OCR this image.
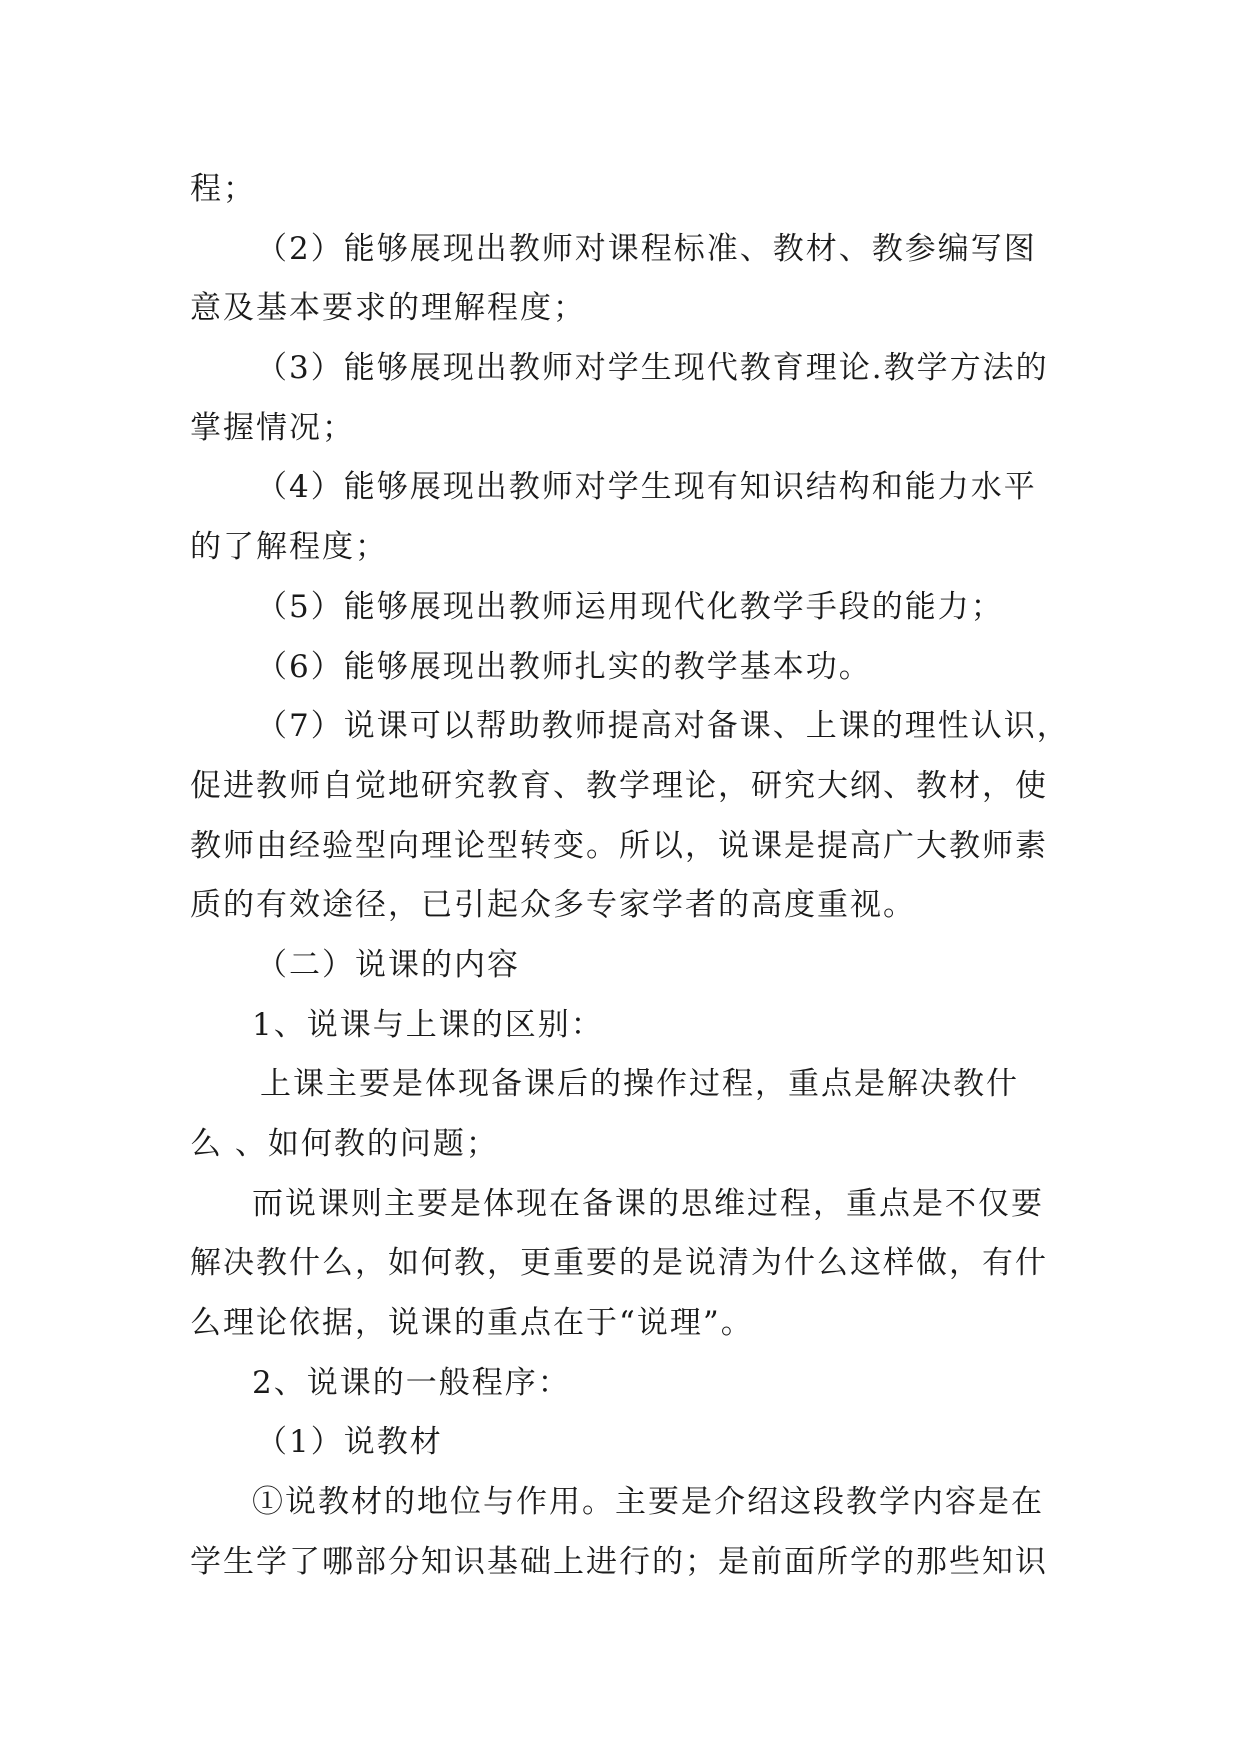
程；
（2）能够展现出教师对课程标准、教材、教参编写图
意及基本要求的理解程度；
（3）能够展现出教师对学生现代教育理论.教学方法的
掌握情况；
（4）能够展现出教师对学生现有知识结构和能力水平
的了解程度；
（5）能够展现出教师运用现代化教学手段的能力；
（6）能够展现出教师扎实的教学基本功。
（7）说课可以帮助教师提高对备课、上课的理性认识，
促进教师自觉地研究教育、教学理论，研究大纲、教材，使
教师由经验型向理论型转变。所以，说课是提高广大教师素
质的有效途径，已引起众多专家学者的高度重视。
（二）说课的内容
1、说课与上课的区别：
上课主要是体现备课后的操作过程，重点是解决教什
么 、如何教的问题；
而说课则主要是体现在备课的思维过程，重点是不仅要
解决教什么，如何教，更重要的是说清为什么这样做，有什
么理论依据，说课的重点在于“说理”。
2、说课的一般程序：
（1）说教材
①说教材的地位与作用。主要是介绍这段教学内容是在
学生学了哪部分知识基础上进行的；是前面所学的那些知识
